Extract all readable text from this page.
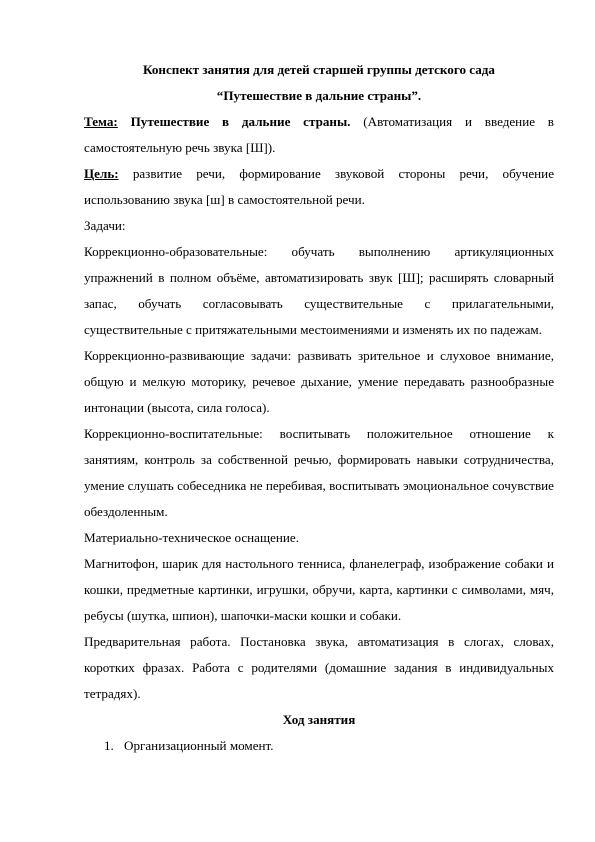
Конспект занятия для детей старшей группы детского сада

“Путешествие в дальние страны”.

Тема: Путешествие в дальние страны. (Автоматизация и введение в самостоятельную речь звука [Ш]).

Цель: развитие речи, формирование звуковой стороны речи, обучение использованию звука [ш] в самостоятельной речи.

Задачи:

Коррекционно-образовательные: обучать выполнению артикуляционных упражнений в полном объёме, автоматизировать звук [Ш]; расширять словарный запас, обучать согласовывать существительные с прилагательными, существительные с притяжательными местоимениями и изменять их по падежам.

Коррекционно-развивающие задачи: развивать зрительное и слуховое внимание, общую и мелкую моторику, речевое дыхание, умение передавать разнообразные интонации (высота, сила голоса).

Коррекционно-воспитательные: воспитывать положительное отношение к занятиям, контроль за собственной речью, формировать навыки сотрудничества, умение слушать собеседника не перебивая, воспитывать эмоциональное сочувствие обездоленным.

Материально-техническое оснащение.

Магнитофон, шарик для настольного тенниса, фланелеграф, изображение собаки и кошки, предметные картинки, игрушки, обручи, карта, картинки с символами, мяч, ребусы (шутка, шпион), шапочки-маски кошки и собаки.

Предварительная работа. Постановка звука, автоматизация в слогах, словах, коротких фразах. Работа с родителями (домашние задания в индивидуальных тетрадях).

Ход занятия

1. Организационный момент.
